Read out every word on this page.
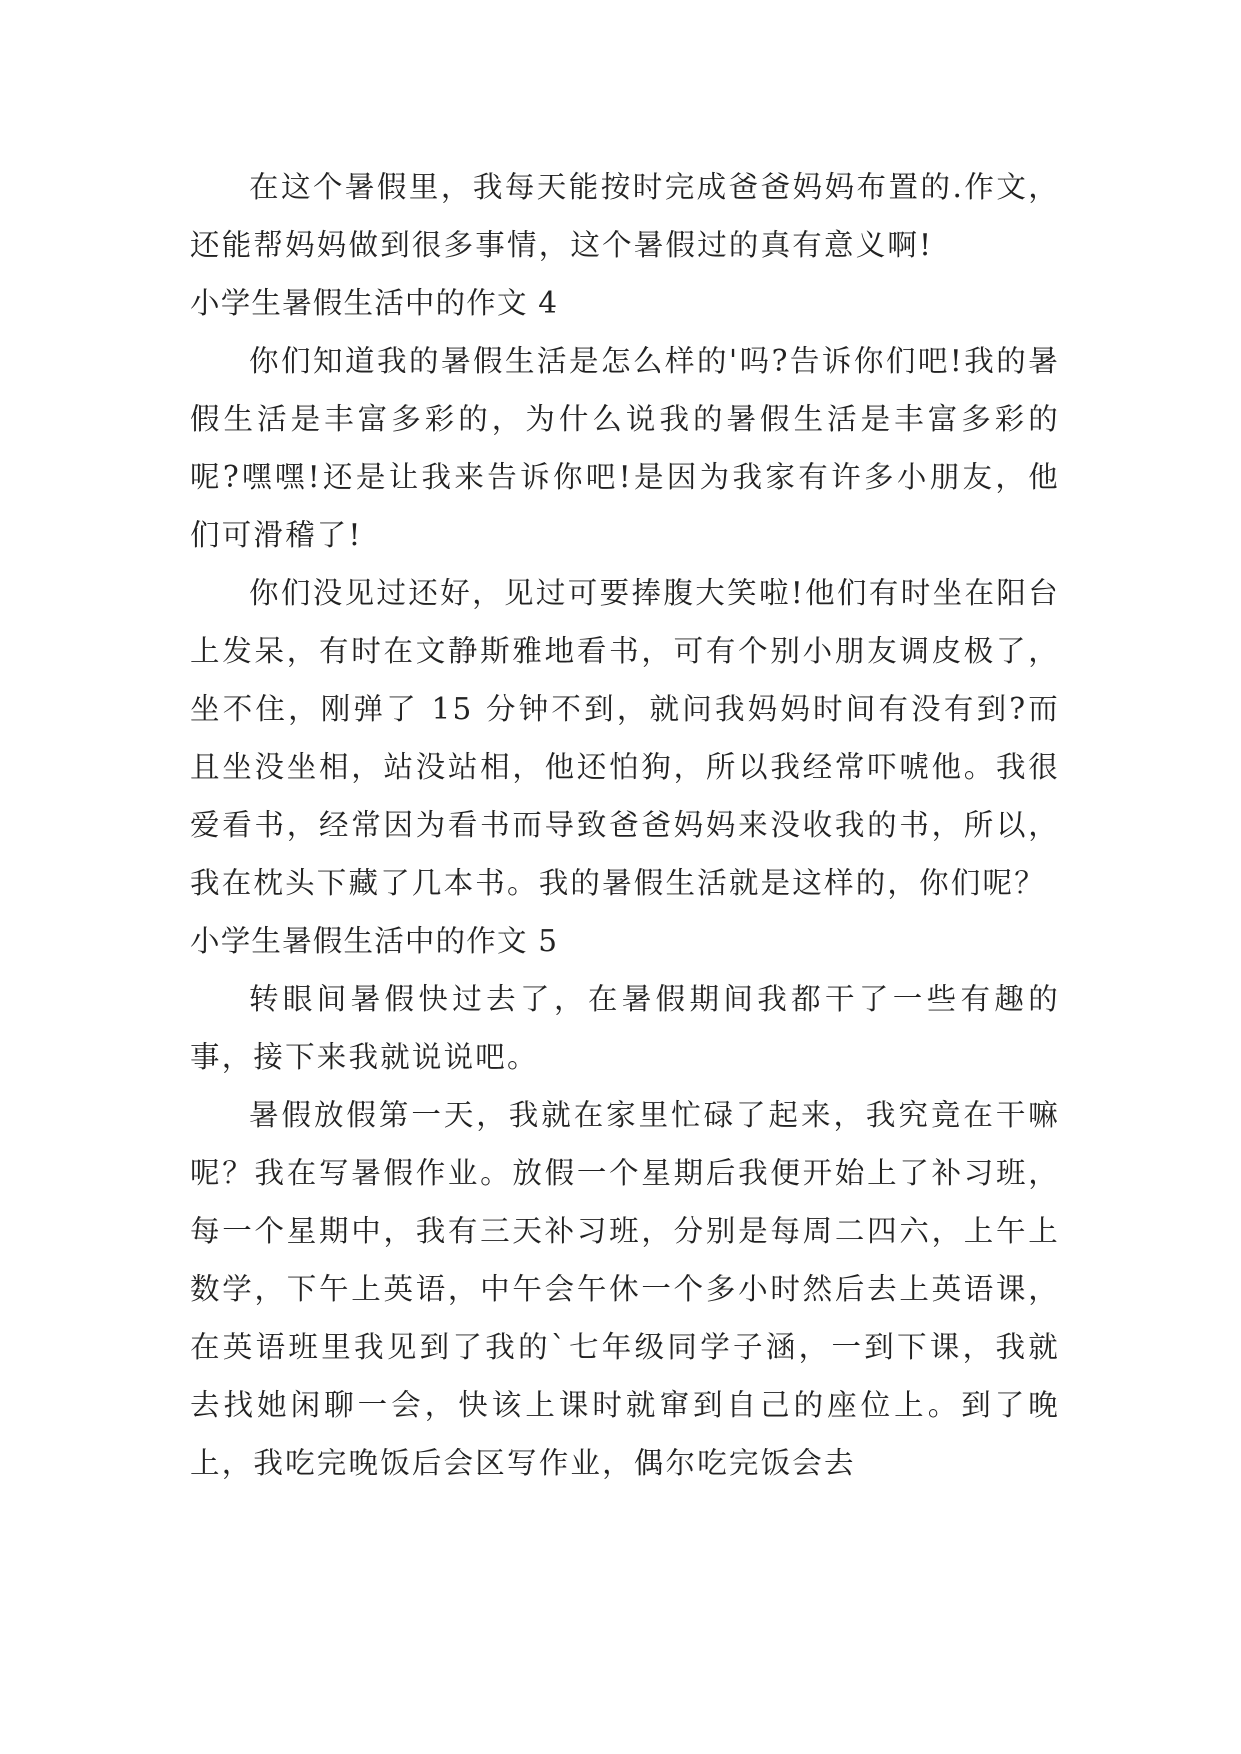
在这个暑假里，我每天能按时完成爸爸妈妈布置的.作文，还能帮妈妈做到很多事情，这个暑假过的真有意义啊!

小学生暑假生活中的作文 4

你们知道我的暑假生活是怎么样的'吗?告诉你们吧!我的暑假生活是丰富多彩的，为什么说我的暑假生活是丰富多彩的呢?嘿嘿!还是让我来告诉你吧!是因为我家有许多小朋友，他们可滑稽了!

你们没见过还好，见过可要捧腹大笑啦!他们有时坐在阳台上发呆，有时在文静斯雅地看书，可有个别小朋友调皮极了，坐不住，刚弹了 15 分钟不到，就问我妈妈时间有没有到?而且坐没坐相，站没站相，他还怕狗，所以我经常吓唬他。我很爱看书，经常因为看书而导致爸爸妈妈来没收我的书，所以，我在枕头下藏了几本书。我的暑假生活就是这样的，你们呢？

小学生暑假生活中的作文 5

转眼间暑假快过去了，在暑假期间我都干了一些有趣的事，接下来我就说说吧。

暑假放假第一天，我就在家里忙碌了起来，我究竟在干嘛呢？我在写暑假作业。放假一个星期后我便开始上了补习班，每一个星期中，我有三天补习班，分别是每周二四六，上午上数学，下午上英语，中午会午休一个多小时然后去上英语课，在英语班里我见到了我的`七年级同学子涵，一到下课，我就去找她闲聊一会，快该上课时就窜到自己的座位上。到了晚上，我吃完晚饭后会区写作业，偶尔吃完饭会去
